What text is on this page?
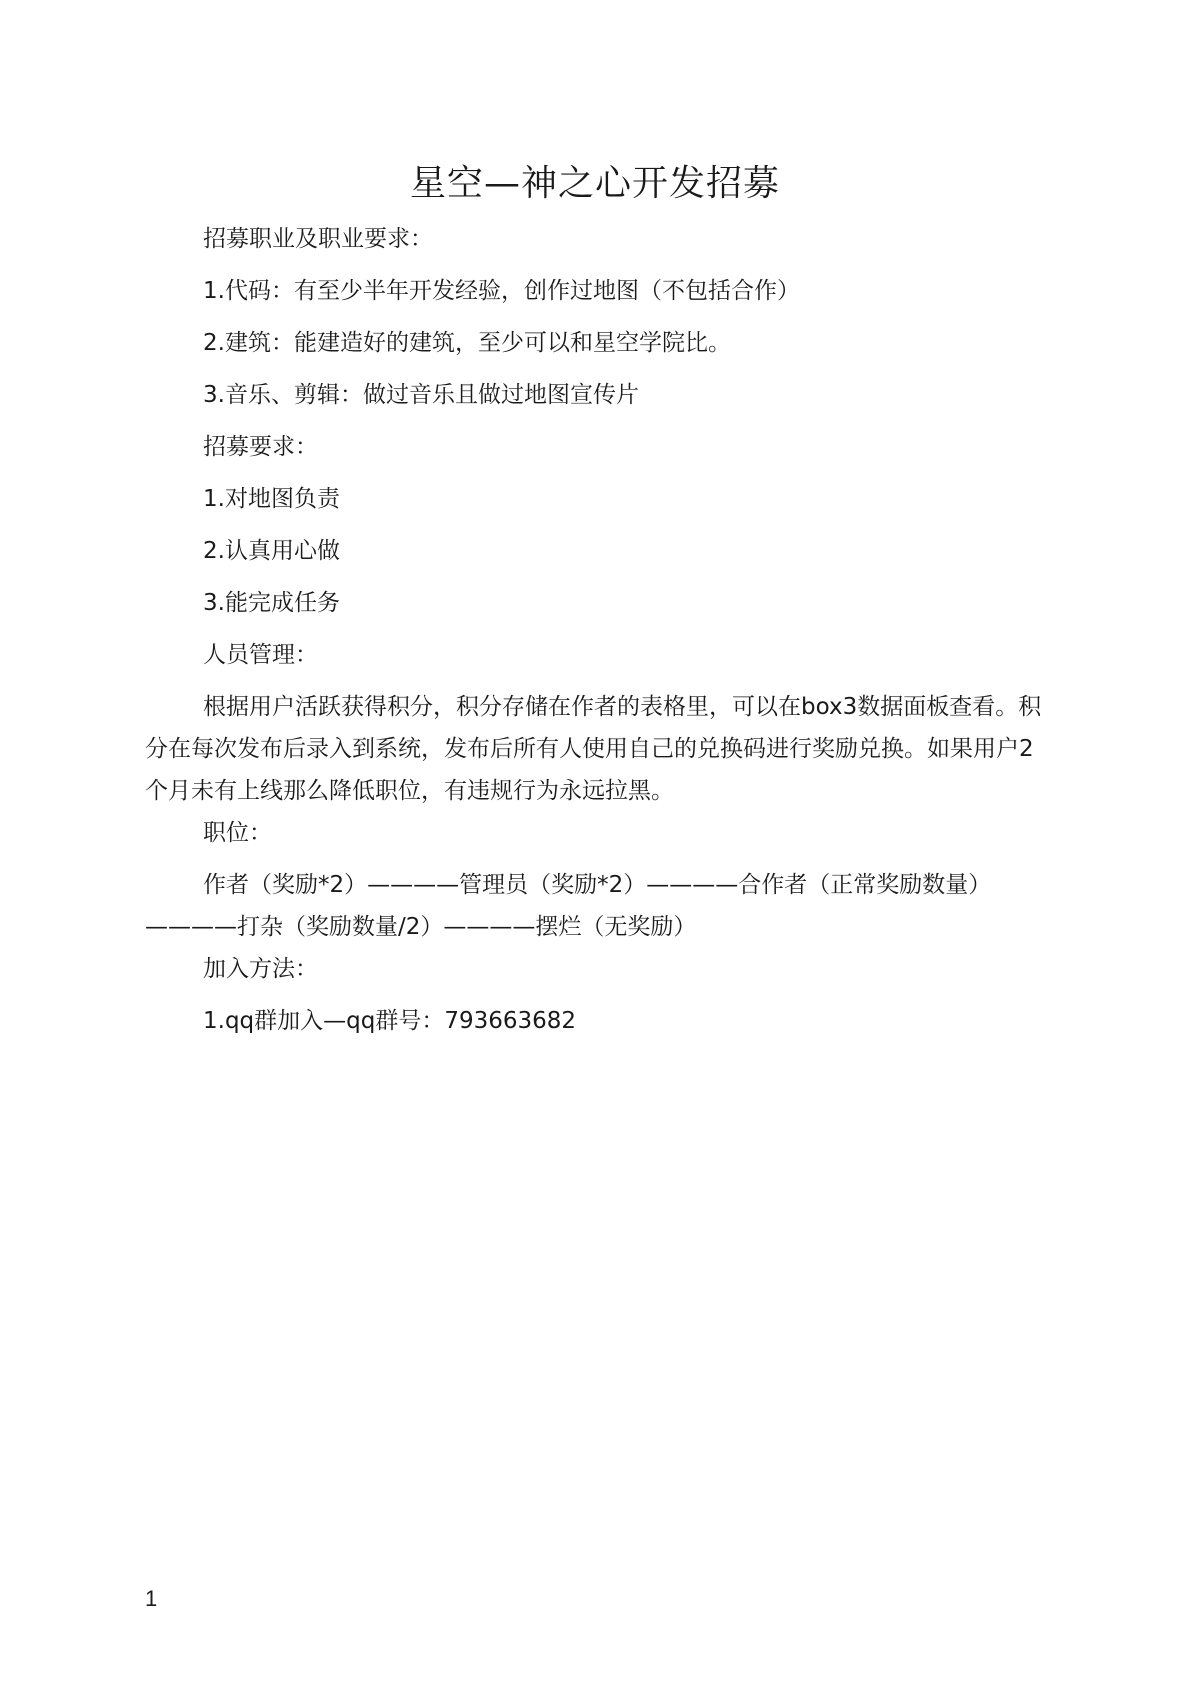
星空—神之心开发招募
招募职业及职业要求：
1.代码：有至少半年开发经验，创作过地图（不包括合作）
2.建筑：能建造好的建筑，至少可以和星空学院比。
3.音乐、剪辑：做过音乐且做过地图宣传片
招募要求：
1.对地图负责
2.认真用心做
3.能完成任务
人员管理：
根据用户活跃获得积分，积分存储在作者的表格里，可以在box3数据面板查看。积分在每次发布后录入到系统，发布后所有人使用自己的兑换码进行奖励兑换。如果用户2个月未有上线那么降低职位，有违规行为永远拉黑。
职位：
作者（奖励*2）————管理员（奖励*2）————合作者（正常奖励数量）————打杂（奖励数量/2）————摆烂（无奖励）
加入方法：
1.qq群加入—qq群号：793663682
1
